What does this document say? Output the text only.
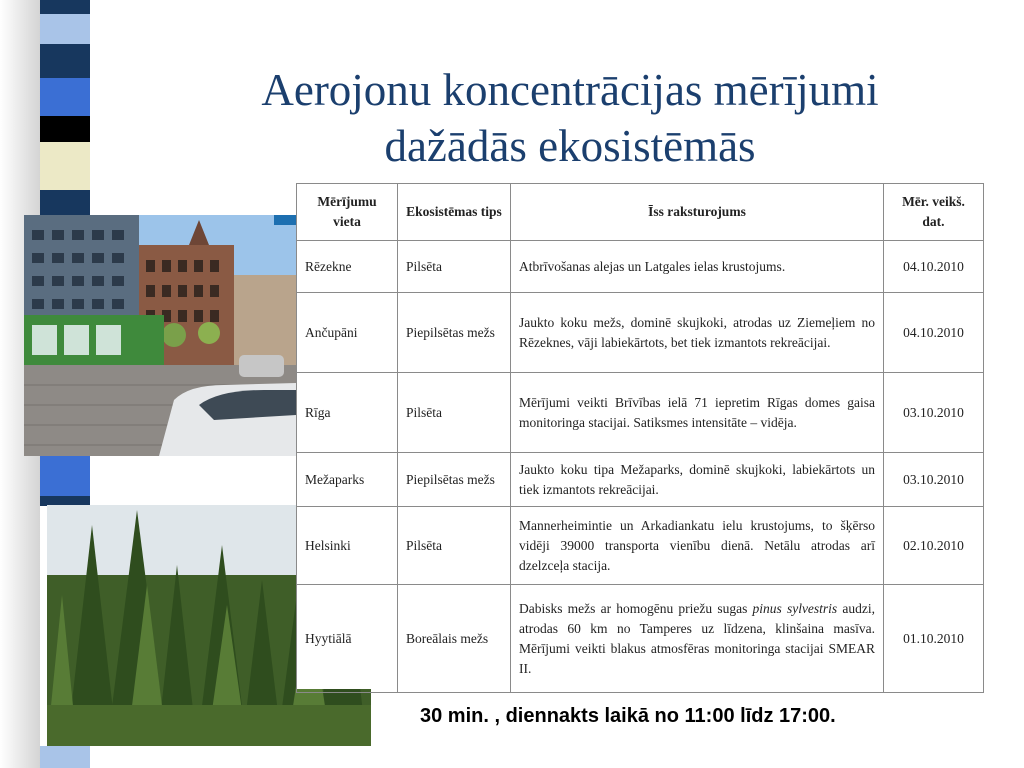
Aerojonu koncentrācijas mērījumi
dažādās ekosistēmās
Mērījumu vieta	Ekosistēmas tips	Īss raksturojums	Mēr. veikš. dat.
Rēzekne	Pilsēta	Atbrīvošanas alejas un Latgales ielas krustojums.	04.10.2010
Ančupāni	Piepilsētas mežs	Jaukto koku mežs, dominē skujkoki, atrodas uz Ziemeļiem no Rēzeknes, vāji labiekārtots, bet tiek izmantots rekreācijai.	04.10.2010
Rīga	Pilsēta	Mērījumi veikti Brīvības ielā 71 iepretim Rīgas domes gaisa monitoringa stacijai. Satiksmes intensitāte – vidēja.	03.10.2010
Mežaparks	Piepilsētas mežs	Jaukto koku tipa Mežaparks, dominē skujkoki, labiekārtots un tiek izmantots rekreācijai.	03.10.2010
Helsinki	Pilsēta	Mannerheimintie un Arkadiankatu ielu krustojums, to šķērso vidēji 39000 transporta vienību dienā. Netālu atrodas arī dzelzceļa stacija.	02.10.2010
Hyytiālā	Boreālais mežs	Dabisks mežs ar homogēnu priežu sugas pinus sylvestris audzi, atrodas 60 km no Tamperes uz līdzena, klinšaina masīva. Mērījumi veikti blakus atmosfēras monitoringa stacijai SMEAR II.	01.10.2010
30 min. , diennakts laikā no 11:00 līdz 17:00.
